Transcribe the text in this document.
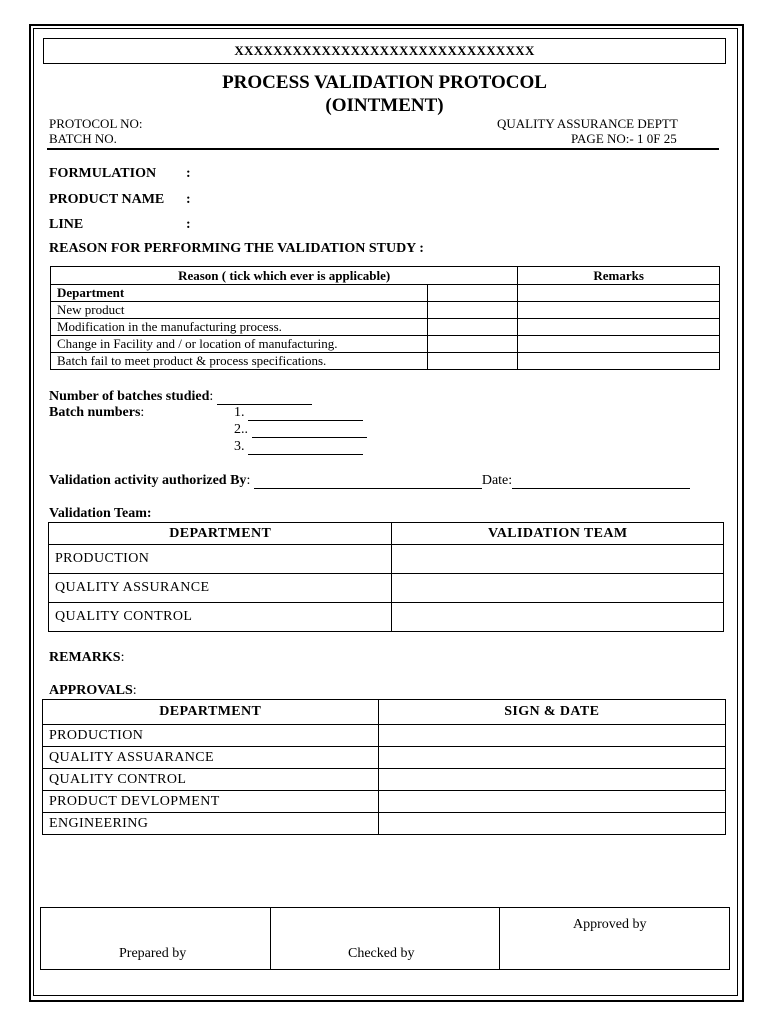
XXXXXXXXXXXXXXXXXXXXXXXXXXXXXXX
PROCESS VALIDATION PROTOCOL
(OINTMENT)
PROTOCOL NO:
BATCH NO.
QUALITY ASSURANCE DEPTT
PAGE NO:- 1 0F 25
FORMULATION :
PRODUCT NAME :
LINE	:
REASON FOR PERFORMING THE VALIDATION STUDY :
Reason ( tick which ever is applicable)		Remarks
Department		
New product		
Modification in the manufacturing process.		
Change in Facility and / or location of manufacturing.		
Batch fail to meet product & process specifications.		
Number of batches studied:
Batch numbers:	1.
2..
3.
Validation activity authorized By:	Date:
Validation Team:
DEPARTMENT	VALIDATION TEAM
PRODUCTION	
QUALITY ASSURANCE	
QUALITY CONTROL	
REMARKS:
APPROVALS:
DEPARTMENT	SIGN & DATE
PRODUCTION	
QUALITY ASSUARANCE	
QUALITY CONTROL	
PRODUCT DEVLOPMENT	
ENGINEERING	
Prepared by	Checked by
Approved by
